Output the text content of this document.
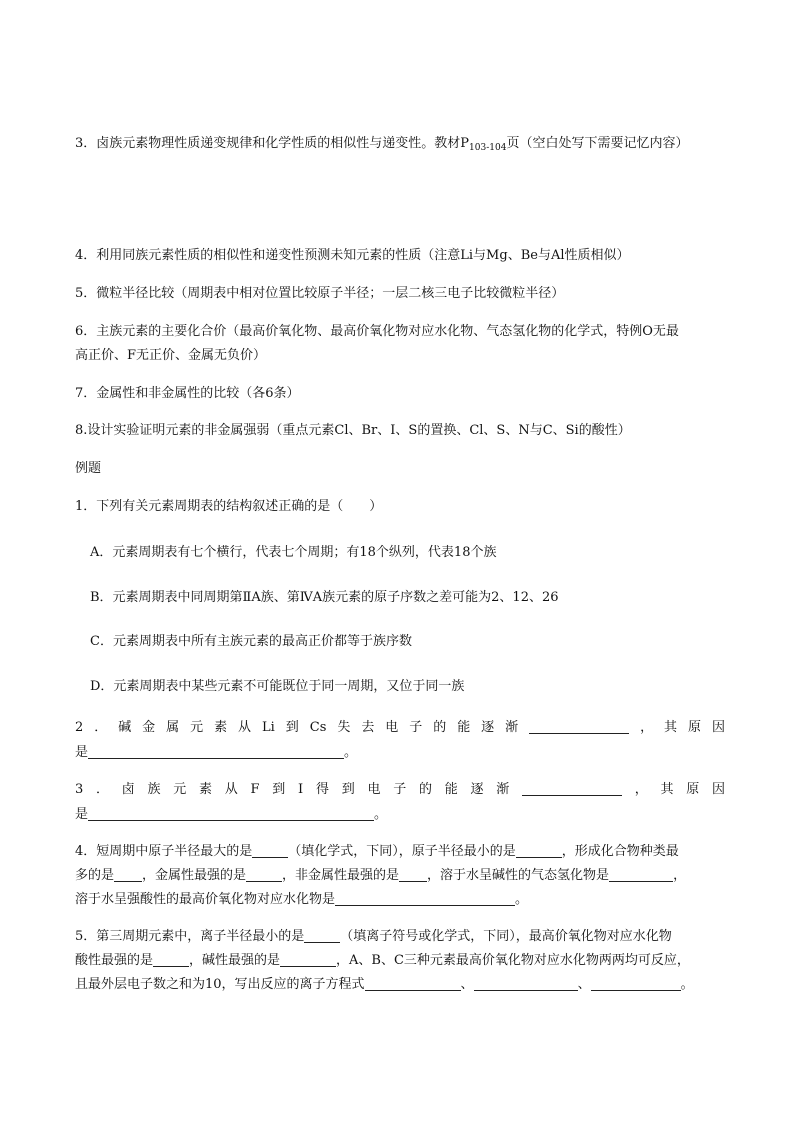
3．卤族元素物理性质递变规律和化学性质的相似性与递变性。教材$P_{103-104}$页（空白处写下需要记忆内容）
4．利用同族元素性质的相似性和递变性预测未知元素的性质（注意Li与Mg、Be与Al性质相似）
5．微粒半径比较（周期表中相对位置比较原子半径；一层二核三电子比较微粒半径）
6．主族元素的主要化合价（最高价氧化物、最高价氧化物对应水化物、气态氢化物的化学式，特例O无最
高正价、F无正价、金属无负价）
7．金属性和非金属性的比较（各6条）
8.设计实验证明元素的非金属强弱（重点元素Cl、Br、I、S的置换、Cl、S、N与C、Si的酸性）
例题
1．下列有关元素周期表的结构叙述正确的是（　　）
A．元素周期表有七个横行，代表七个周期；有18个纵列，代表18个族
B．元素周期表中同周期第ⅡA族、第ⅣA族元素的原子序数之差可能为2、12、26
C．元素周期表中所有主族元素的最高正价都等于族序数
D．元素周期表中某些元素不可能既位于同一周期，又位于同一族
2．碱金属元素从Li到Cs失去电子的能逐渐	，其原因
是	。
3．卤族元素从F到I得到电子的能逐渐	，其原因
是	。
4．短周期中原子半径最大的是	（填化学式，下同），原子半径最小的是	，形成化合物种类最
多的是 ，金属性最强的是	，非金属性最强的是 ，溶于水呈碱性的气态氢化物是	，
溶于水呈强酸性的最高价氧化物对应水化物是	。
5．第三周期元素中，离子半径最小的是	（填离子符号或化学式，下同），最高价氧化物对应水化物
酸性最强的是	，碱性最强的是	，A、B、C三种元素最高价氧化物对应水化物两两均可反应，
且最外层电子数之和为10，写出反应的离子方程式	、	、	。
